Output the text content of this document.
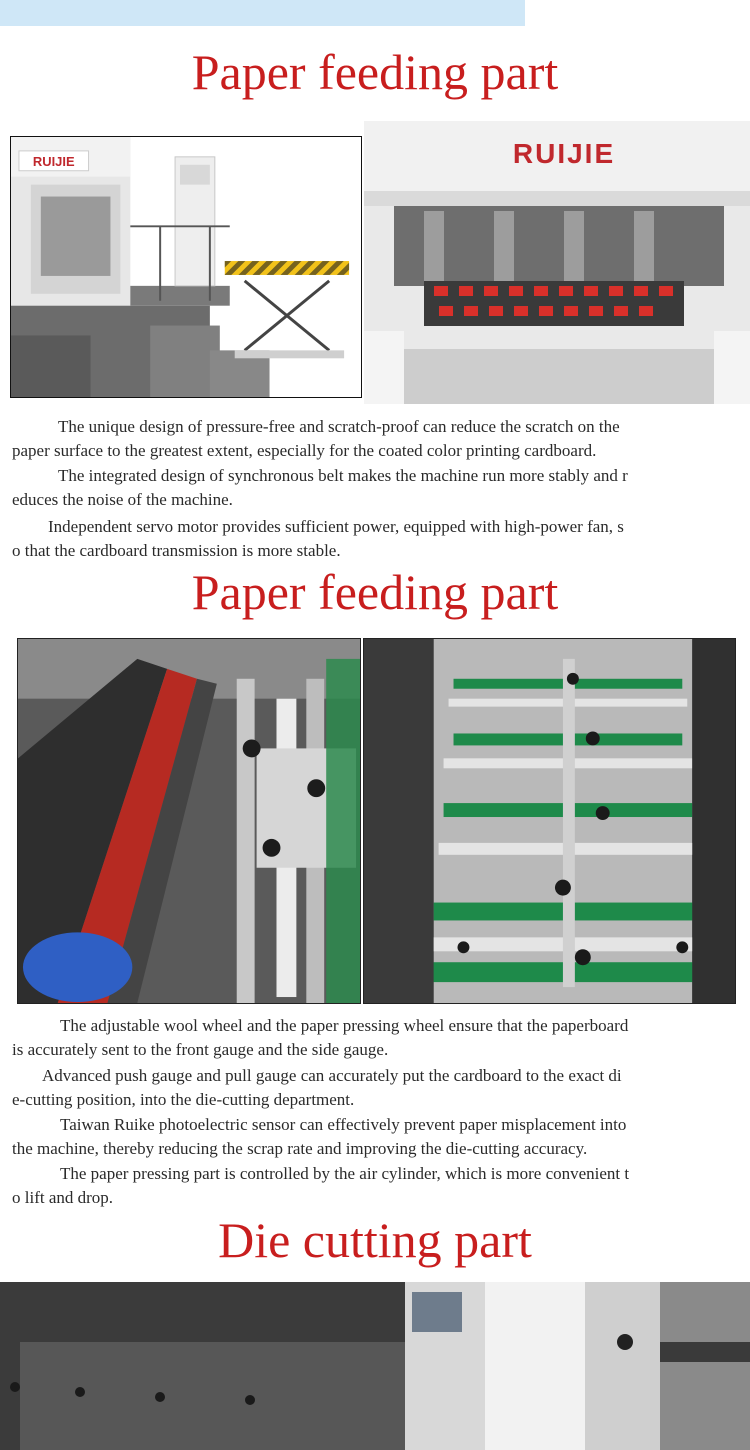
Paper feeding part
RUIJIE	RUIJIE
The unique design of pressure-free and scratch-proof can reduce the scratch on the
paper surface to the greatest extent, especially for the coated color printing cardboard.
The integrated design of synchronous belt makes the machine run more stably and r
educes the noise of the machine.
Independent servo motor provides sufficient power, equipped with high-power fan, s
o that the cardboard transmission is more stable.
Paper feeding part
The adjustable wool wheel and the paper pressing wheel ensure that the paperboard
is accurately sent to the front gauge and the side gauge.
Advanced push gauge and pull gauge can accurately put the cardboard to the exact di
e-cutting position, into the die-cutting department.
Taiwan Ruike photoelectric sensor can effectively prevent paper misplacement into
the machine, thereby reducing the scrap rate and improving the die-cutting accuracy.
The paper pressing part is controlled by the air cylinder, which is more convenient t
o lift and drop.
Die cutting part
